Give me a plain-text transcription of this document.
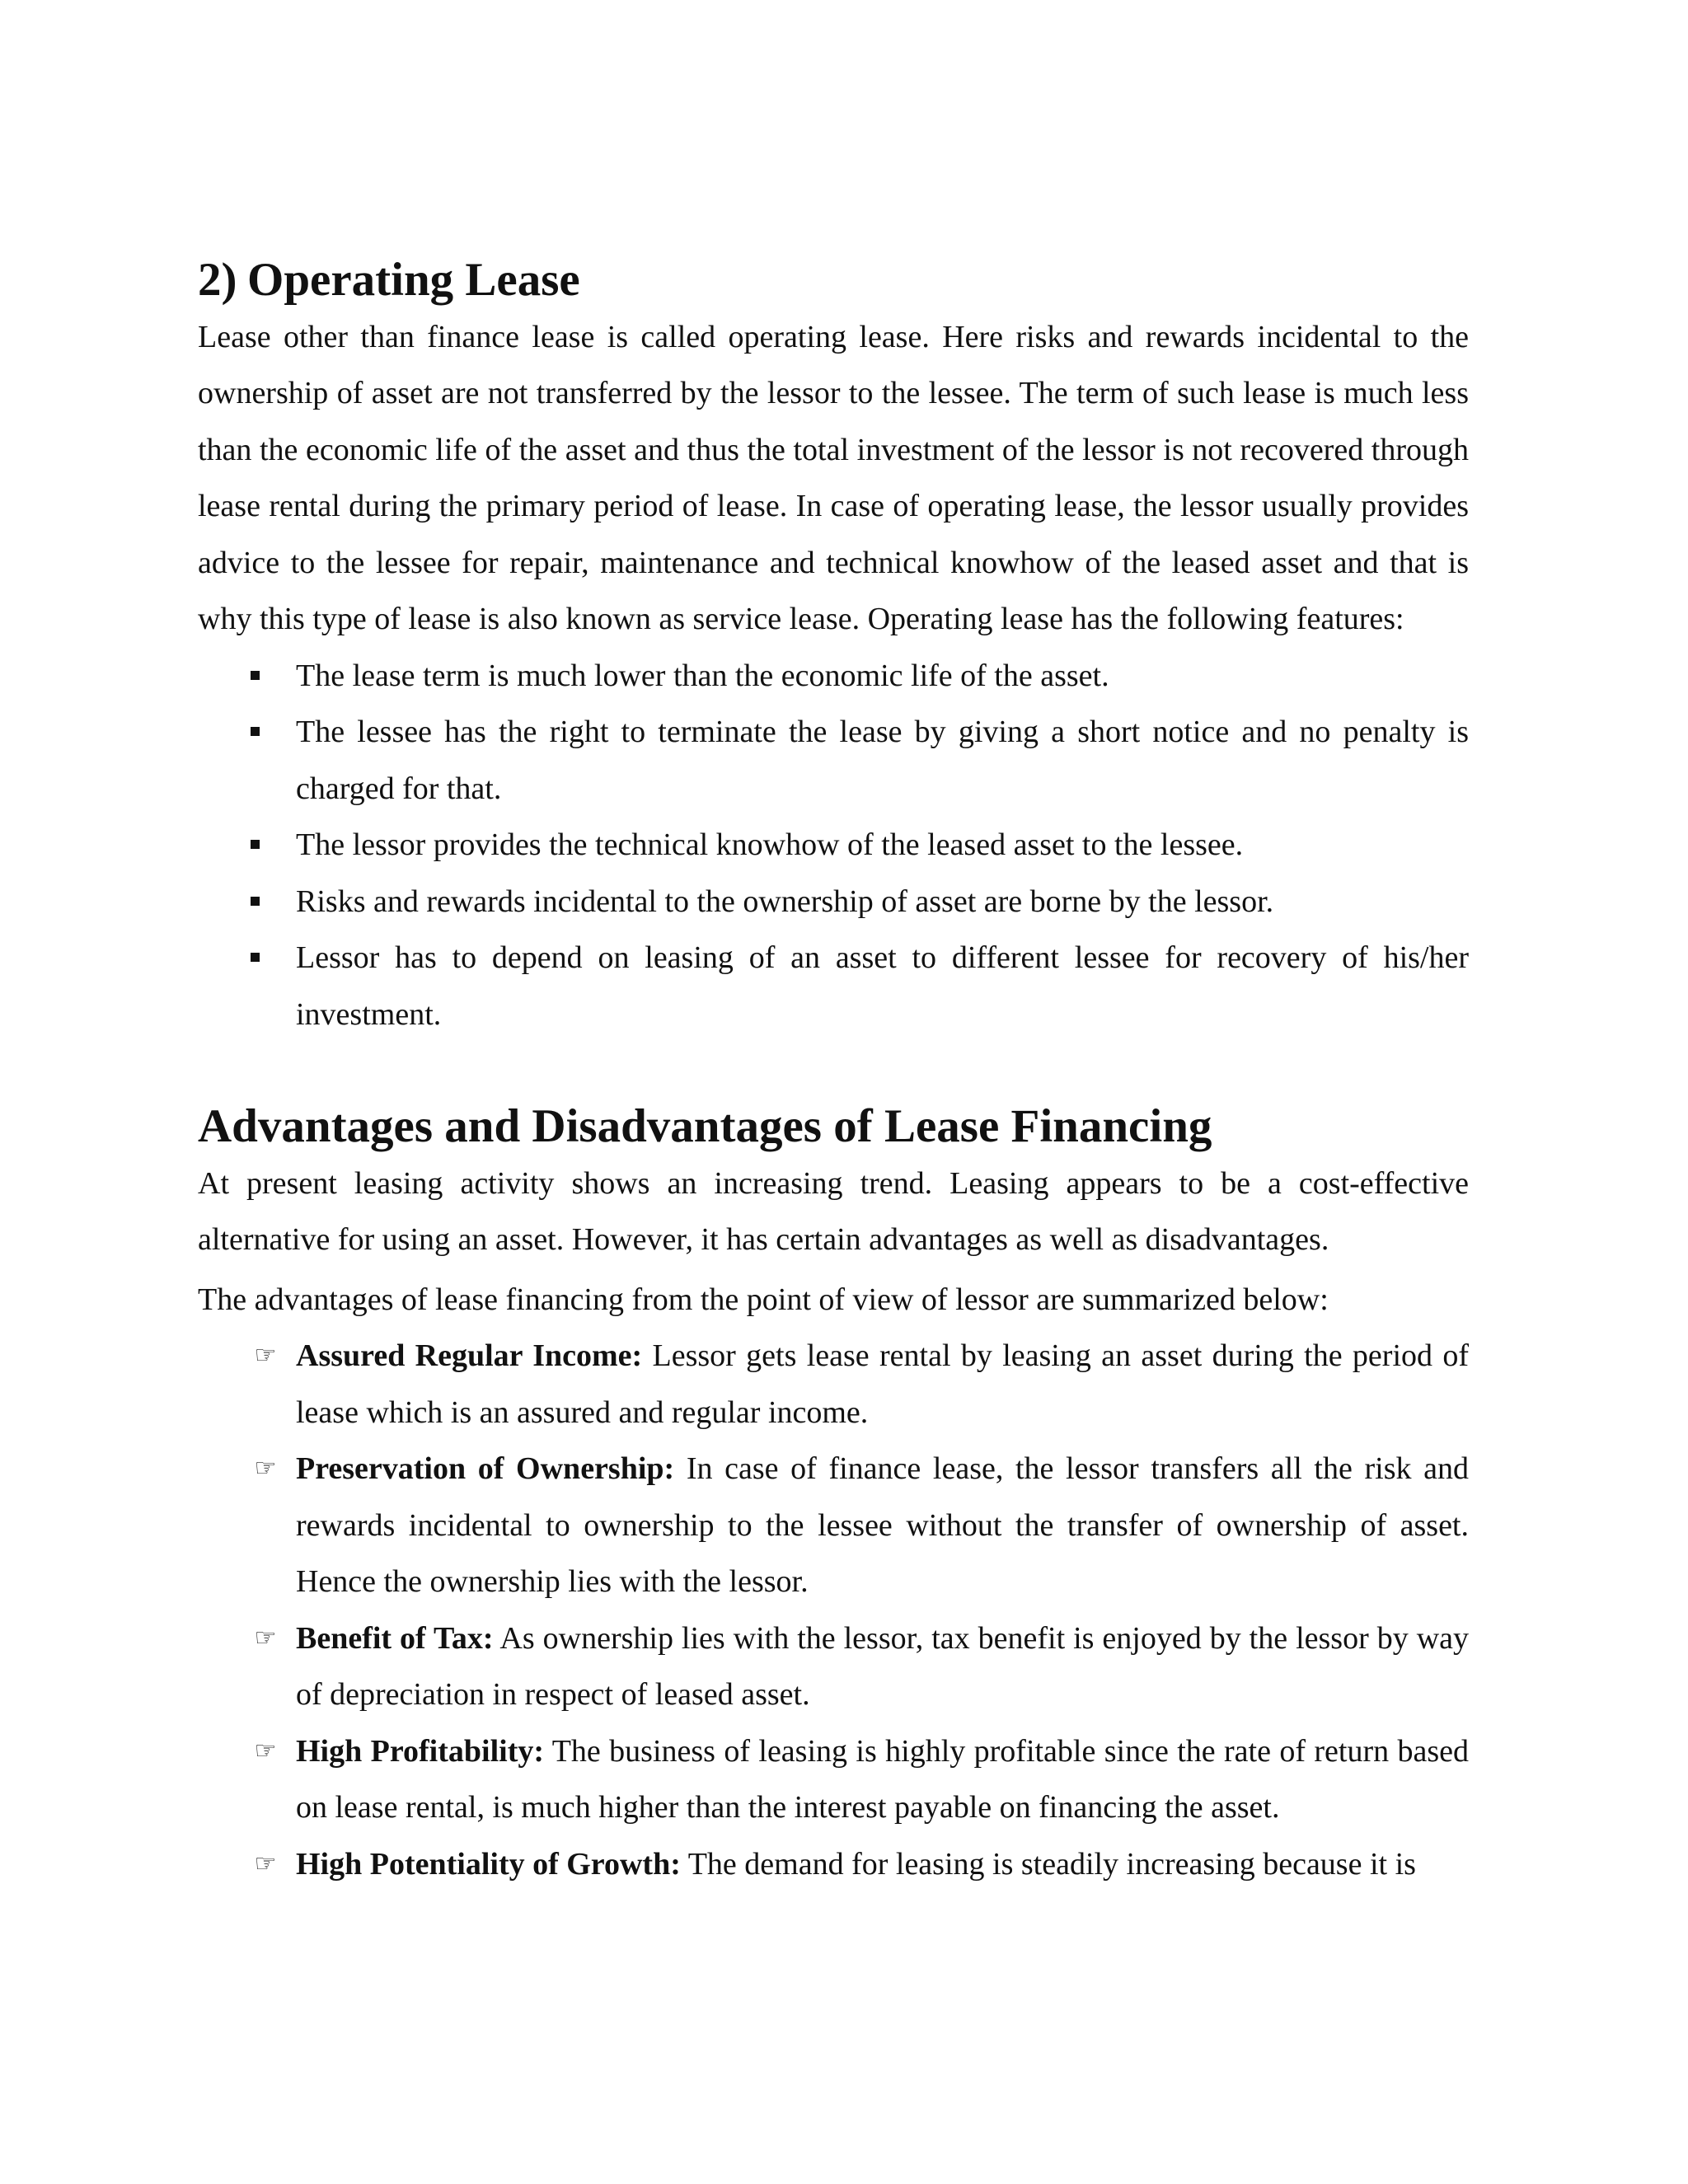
2) Operating Lease

Lease other than finance lease is called operating lease. Here risks and rewards incidental to the ownership of asset are not transferred by the lessor to the lessee. The term of such lease is much less than the economic life of the asset and thus the total investment of the lessor is not recovered through lease rental during the primary period of lease. In case of operating lease, the lessor usually provides advice to the lessee for repair, maintenance and technical knowhow of the leased asset and that is why this type of lease is also known as service lease. Operating lease has the following features:

The lease term is much lower than the economic life of the asset.
The lessee has the right to terminate the lease by giving a short notice and no penalty is charged for that.
The lessor provides the technical knowhow of the leased asset to the lessee.
Risks and rewards incidental to the ownership of asset are borne by the lessor.
Lessor has to depend on leasing of an asset to different lessee for recovery of his/her investment.
Advantages and Disadvantages of Lease Financing

At present leasing activity shows an increasing trend. Leasing appears to be a cost-effective alternative for using an asset. However, it has certain advantages as well as disadvantages.

The advantages of lease financing from the point of view of lessor are summarized below:

☞ Assured Regular Income: Lessor gets lease rental by leasing an asset during the period of lease which is an assured and regular income.
☞ Preservation of Ownership: In case of finance lease, the lessor transfers all the risk and rewards incidental to ownership to the lessee without the transfer of ownership of asset. Hence the ownership lies with the lessor.
☞ Benefit of Tax: As ownership lies with the lessor, tax benefit is enjoyed by the lessor by way of depreciation in respect of leased asset.
☞ High Profitability: The business of leasing is highly profitable since the rate of return based on lease rental, is much higher than the interest payable on financing the asset.
☞ High Potentiality of Growth: The demand for leasing is steadily increasing because it is
